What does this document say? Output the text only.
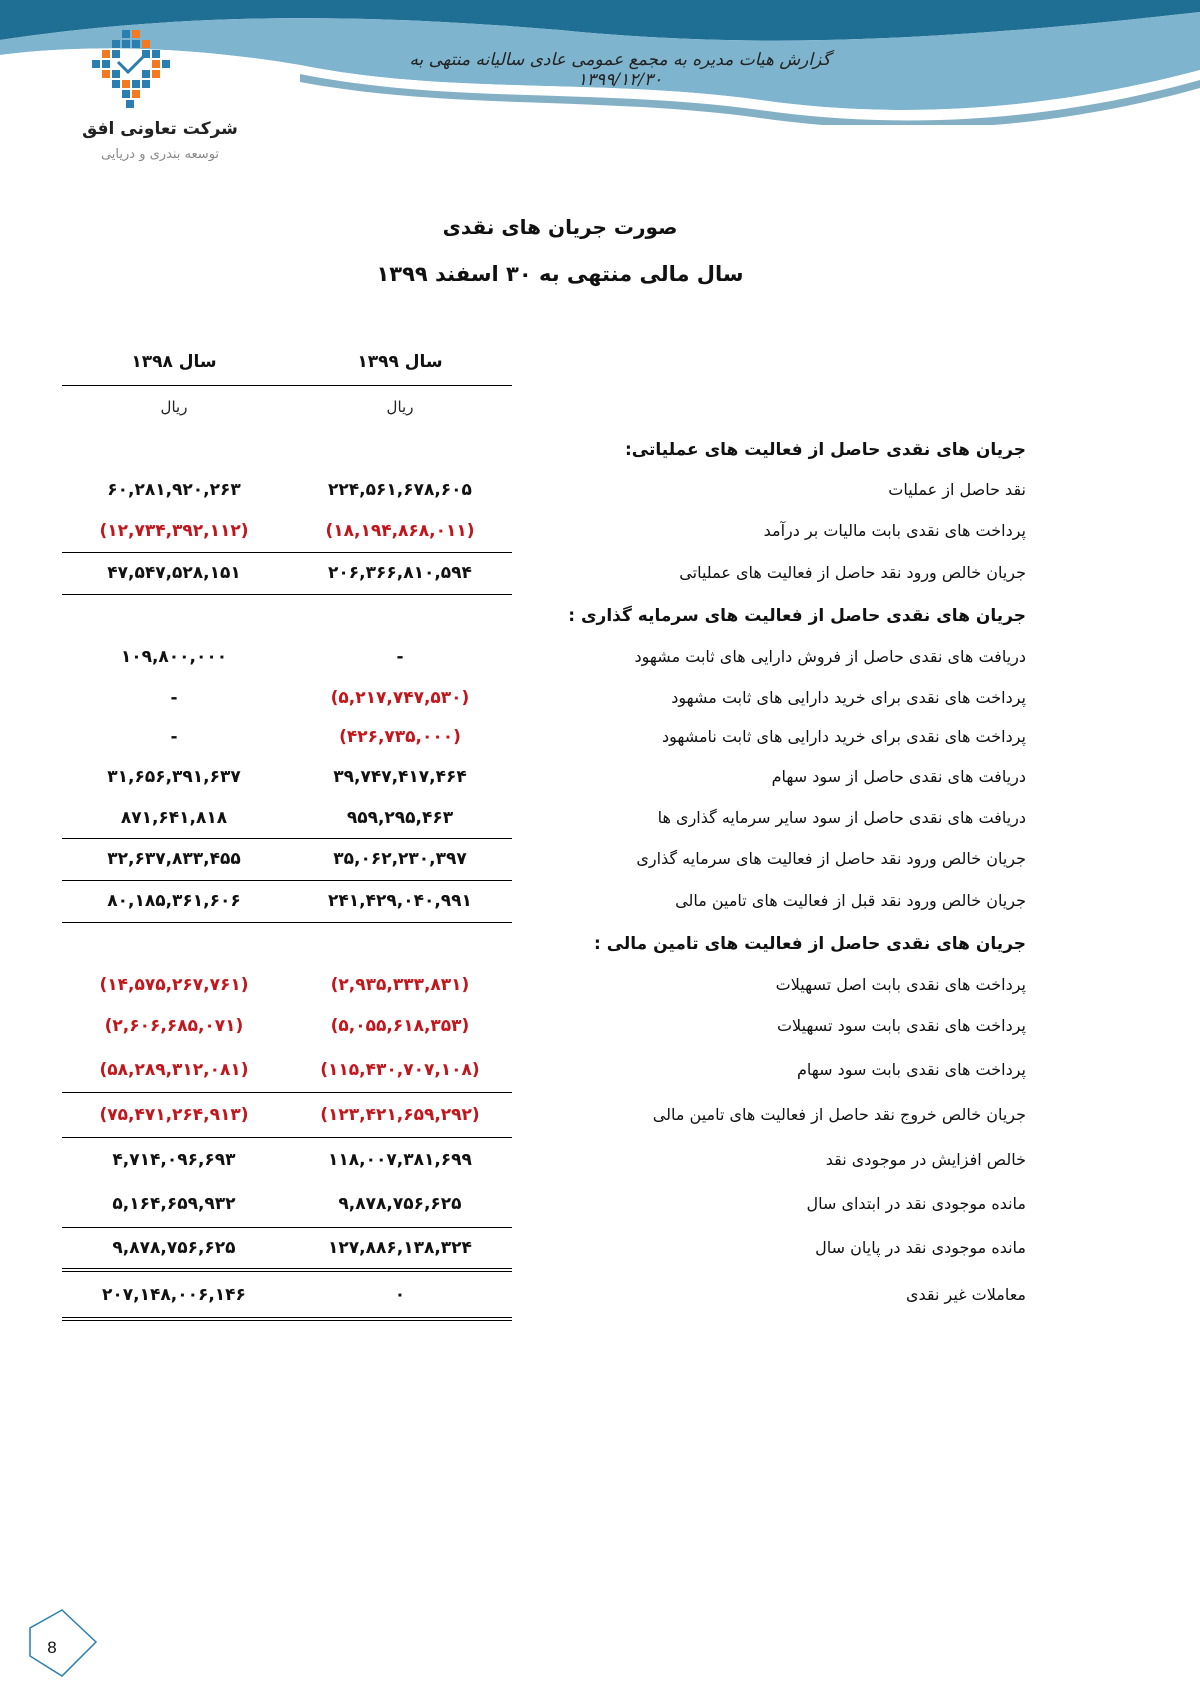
گزارش هیات مدیره به مجمع عمومی عادی سالیانه منتهی به ۱۳۹۹/۱۲/۳۰
شرکت تعاونی افق
توسعه بندری و دریایی
صورت جریان های نقدی
سال مالی منتهی به ۳۰ اسفند ۱۳۹۹
سال ۱۳۹۹
سال ۱۳۹۸
ریال
ریال
جریان های نقدی حاصل از فعالیت های عملیاتی:
نقد حاصل از عملیات
۲۲۴,۵۶۱,۶۷۸,۶۰۵
۶۰,۲۸۱,۹۲۰,۲۶۳
پرداخت های نقدی بابت مالیات بر درآمد
(۱۸,۱۹۴,۸۶۸,۰۱۱)
(۱۲,۷۳۴,۳۹۲,۱۱۲)
جریان خالص ورود نقد حاصل از فعالیت های عملیاتی
۲۰۶,۳۶۶,۸۱۰,۵۹۴
۴۷,۵۴۷,۵۲۸,۱۵۱
جریان های نقدی حاصل از فعالیت های سرمایه گذاری :
دریافت های نقدی حاصل از فروش دارایی های ثابت مشهود
-
۱۰۹,۸۰۰,۰۰۰
پرداخت های نقدی برای خرید دارایی های ثابت مشهود
(۵,۲۱۷,۷۴۷,۵۳۰)
-
پرداخت های نقدی برای خرید دارایی های ثابت نامشهود
(۴۲۶,۷۳۵,۰۰۰)
-
دریافت های نقدی حاصل از سود سهام
۳۹,۷۴۷,۴۱۷,۴۶۴
۳۱,۶۵۶,۳۹۱,۶۳۷
دریافت های نقدی حاصل از سود سایر سرمایه گذاری ها
۹۵۹,۲۹۵,۴۶۳
۸۷۱,۶۴۱,۸۱۸
جریان خالص ورود نقد حاصل از فعالیت های سرمایه گذاری
۳۵,۰۶۲,۲۳۰,۳۹۷
۳۲,۶۳۷,۸۳۳,۴۵۵
جریان خالص ورود نقد قبل از فعالیت های تامین مالی
۲۴۱,۴۲۹,۰۴۰,۹۹۱
۸۰,۱۸۵,۳۶۱,۶۰۶
جریان های نقدی حاصل از فعالیت های تامین مالی :
پرداخت های نقدی بابت اصل تسهیلات
(۲,۹۳۵,۳۳۳,۸۳۱)
(۱۴,۵۷۵,۲۶۷,۷۶۱)
پرداخت های نقدی بابت سود تسهیلات
(۵,۰۵۵,۶۱۸,۳۵۳)
(۲,۶۰۶,۶۸۵,۰۷۱)
پرداخت های نقدی بابت سود سهام
(۱۱۵,۴۳۰,۷۰۷,۱۰۸)
(۵۸,۲۸۹,۳۱۲,۰۸۱)
جریان خالص خروج نقد حاصل از فعالیت های تامین مالی
(۱۲۳,۴۲۱,۶۵۹,۲۹۲)
(۷۵,۴۷۱,۲۶۴,۹۱۳)
خالص افزایش در موجودی نقد
۱۱۸,۰۰۷,۳۸۱,۶۹۹
۴,۷۱۴,۰۹۶,۶۹۳
مانده موجودی نقد در ابتدای سال
۹,۸۷۸,۷۵۶,۶۲۵
۵,۱۶۴,۶۵۹,۹۳۲
مانده موجودی نقد در پایان سال
۱۲۷,۸۸۶,۱۳۸,۳۲۴
۹,۸۷۸,۷۵۶,۶۲۵
معاملات غیر نقدی
۰
۲۰۷,۱۴۸,۰۰۶,۱۴۶
8
